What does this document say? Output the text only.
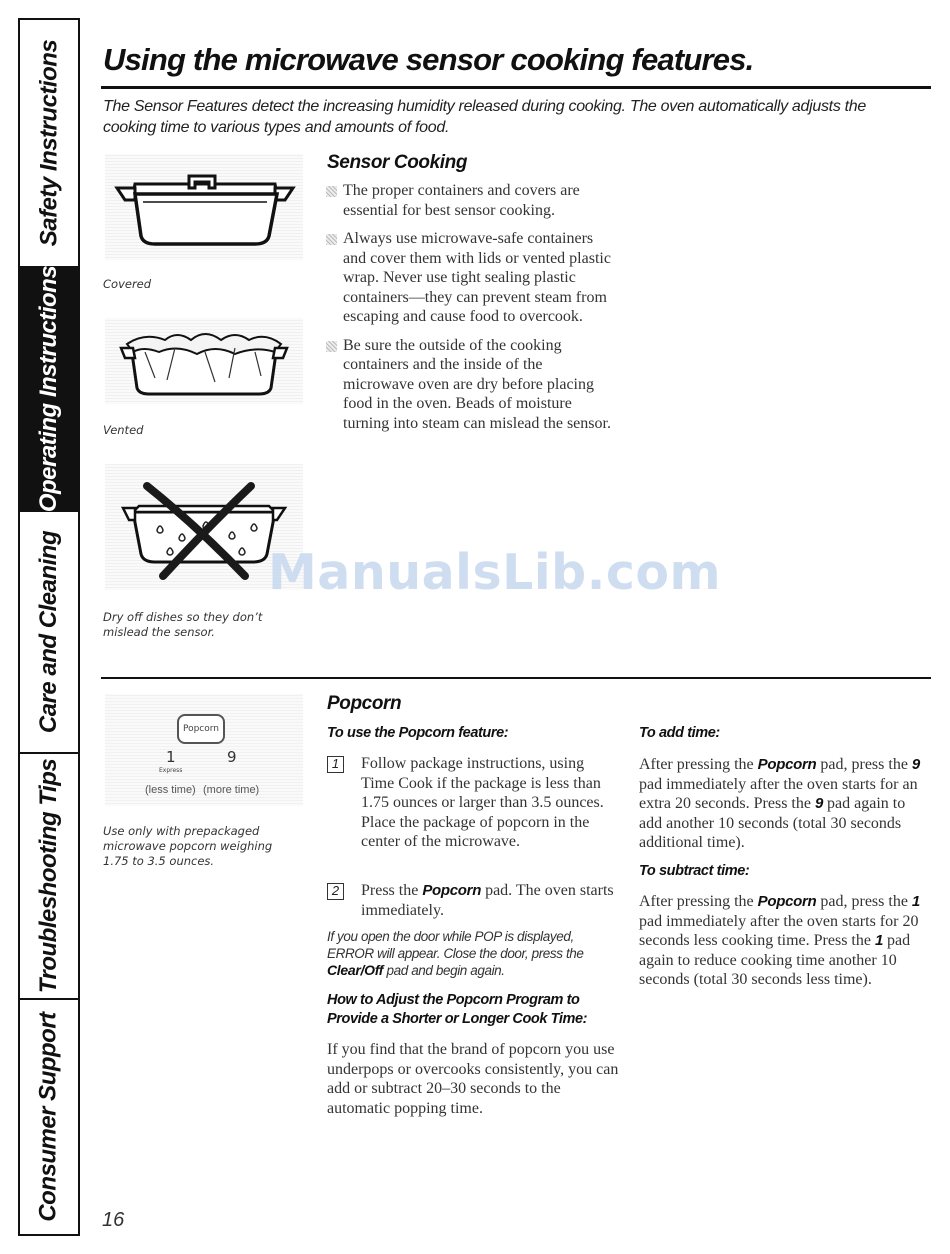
Safety Instructions
Operating Instructions
Care and Cleaning
Troubleshooting Tips
Consumer Support
Using the microwave sensor cooking features.
The Sensor Features detect the increasing humidity released during cooking. The oven automatically adjusts the cooking time to various types and amounts of food.
Covered
Vented
Dry off dishes so they don’t mislead the sensor.
Sensor Cooking
The proper containers and covers are essential for best sensor cooking.
Always use microwave-safe containers and cover them with lids or vented plastic wrap. Never use tight sealing plastic containers—they can prevent steam from escaping and cause food to overcook.
Be sure the outside of the cooking containers and the inside of the microwave oven are dry before placing food in the oven. Beads of moisture turning into steam can mislead the sensor.
ManualsLib.com
Popcorn
1
Express
9
(less time) (more time)
Use only with prepackaged microwave popcorn weighing 1.75 to 3.5 ounces.
Popcorn
To use the Popcorn feature:
1	Follow package instructions, using Time Cook if the package is less than 1.75 ounces or larger than 3.5 ounces. Place the package of popcorn in the center of the microwave.
2	Press the Popcorn pad. The oven starts immediately.
If you open the door while POP is displayed, ERROR will appear. Close the door, press the Clear/Off pad and begin again.
How to Adjust the Popcorn Program to Provide a Shorter or Longer Cook Time:
If you find that the brand of popcorn you use underpops or overcooks consistently, you can add or subtract 20–30 seconds to the automatic popping time.
To add time:
After pressing the Popcorn pad, press the 9 pad immediately after the oven starts for an extra 20 seconds. Press the 9 pad again to add another 10 seconds (total 30 seconds additional time).
To subtract time:
After pressing the Popcorn pad, press the 1 pad immediately after the oven starts for 20 seconds less cooking time. Press the 1 pad again to reduce cooking time another 10 seconds (total 30 seconds less time).
16
